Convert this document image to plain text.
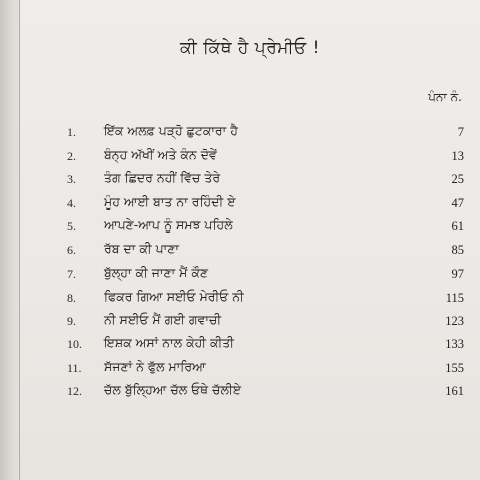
ਕੀ ਕਿੱਥੇ ਹੈ ਪ੍ਰੇਮੀਓ !
ਪੰਨਾ ਨੰ.
1. ਇੱਕ ਅਲਫ਼ ਪੜ੍ਹੋ ਛੁਟਕਾਰਾ ਹੈ	7
2. ਬੰਨ੍ਹ ਅੱਖੀਂ ਅਤੇ ਕੰਨ ਦੋਵੇਂ	13
3. ਤੰਗ ਛਿਦਰ ਨਹੀਂ ਵਿੱਚ ਤੇਰੇ	25
4. ਮੂੰਹ ਆਈ ਬਾਤ ਨਾ ਰਹਿੰਦੀ ਏ	47
5. ਆਪਣੇ-ਆਪ ਨੂੰ ਸਮਝ ਪਹਿਲੇ	61
6. ਰੱਬ ਦਾ ਕੀ ਪਾਣਾ	85
7. ਬੁੱਲ੍ਹਾ ਕੀ ਜਾਣਾ ਮੈਂ ਕੌਣ	97
8. ਫਿਕਰ ਗਿਆ ਸਈਓ ਮੇਰੀਓ ਨੀ	115
9. ਨੀ ਸਈਓ ਮੈਂ ਗਈ ਗਵਾਚੀ	123
10. ਇਸ਼ਕ ਅਸਾਂ ਨਾਲ ਕੇਹੀ ਕੀਤੀ	133
11. ਸੱਜਣਾਂ ਨੇ ਫੁੱਲ ਮਾਰਿਆ	155
12. ਚੱਲ ਬੁੱਲ੍ਹਿਆ ਚੱਲ ਓਥੇ ਚੱਲੀਏ	161
